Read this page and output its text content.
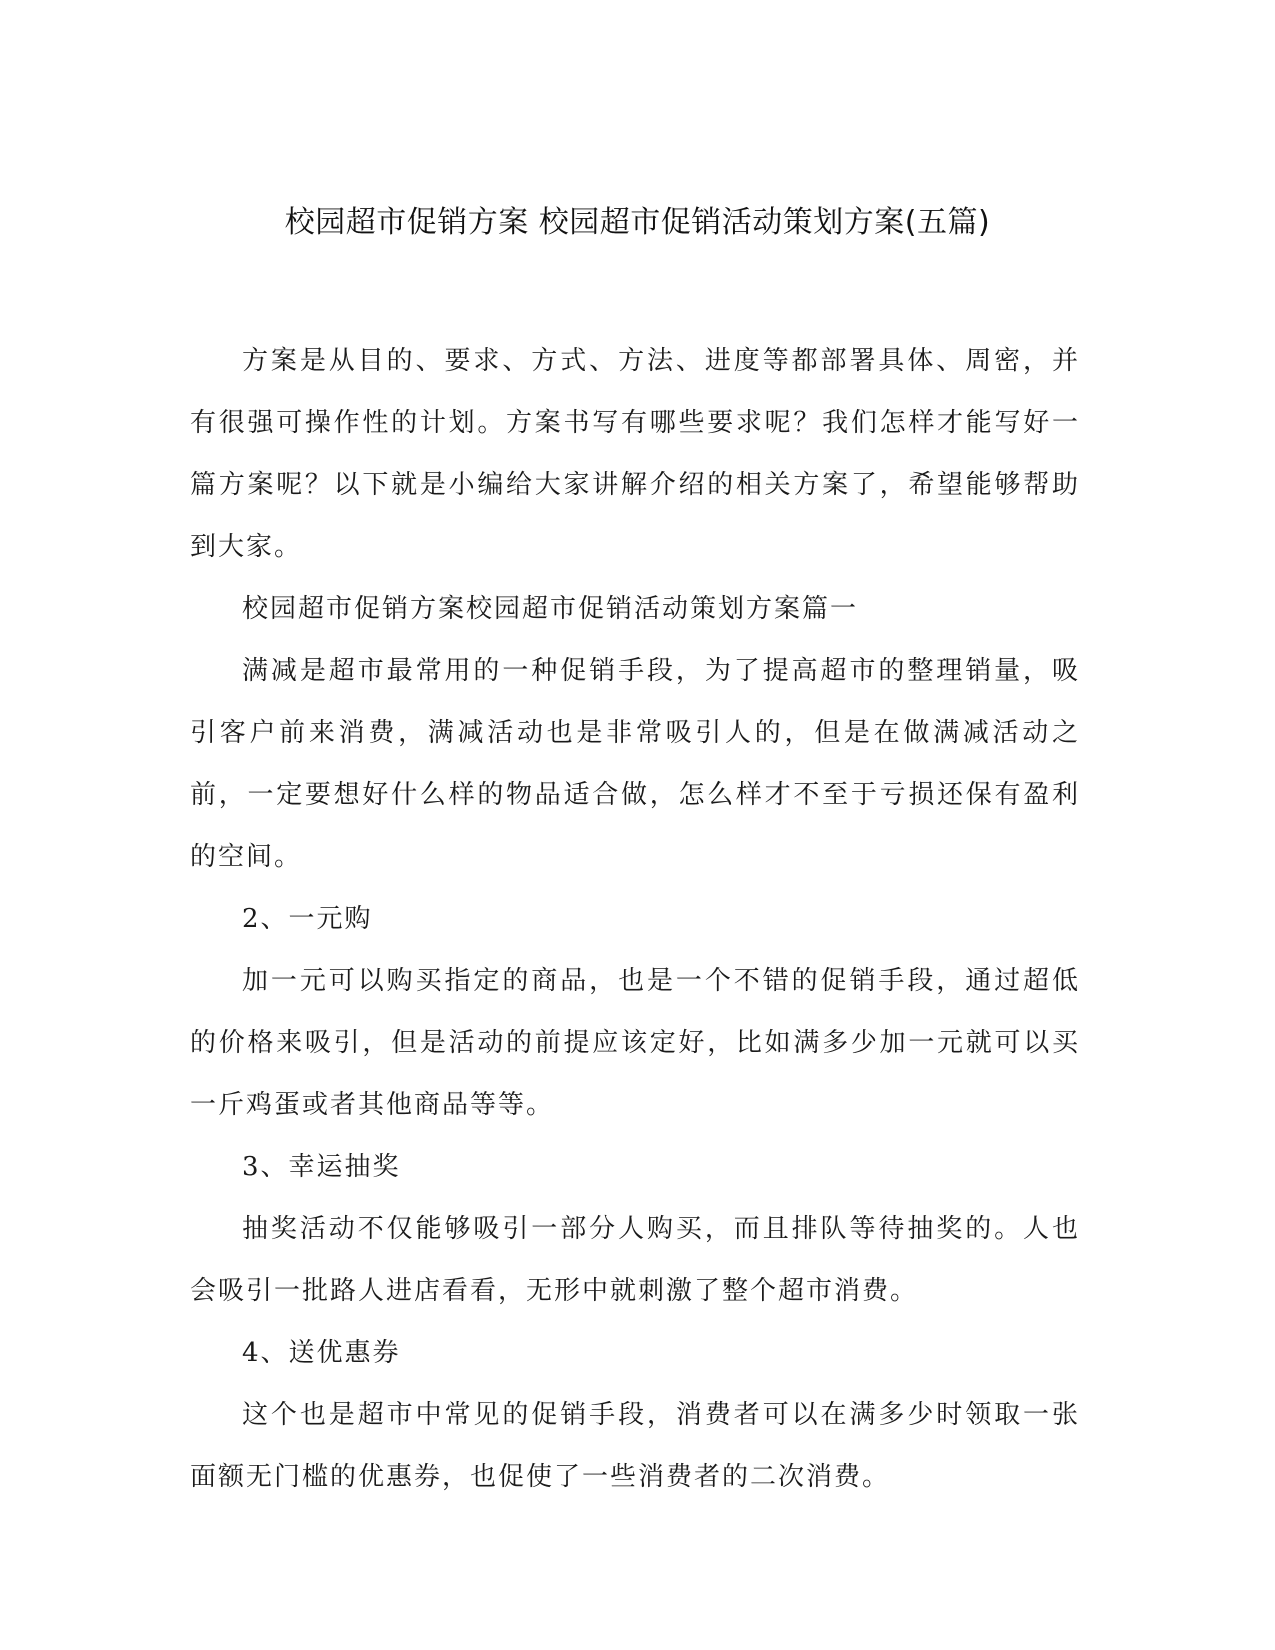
校园超市促销方案 校园超市促销活动策划方案(五篇)

方案是从目的、要求、方式、方法、进度等都部署具体、周密，并有很强可操作性的计划。方案书写有哪些要求呢？我们怎样才能写好一篇方案呢？以下就是小编给大家讲解介绍的相关方案了，希望能够帮助到大家。

校园超市促销方案校园超市促销活动策划方案篇一

满减是超市最常用的一种促销手段，为了提高超市的整理销量，吸引客户前来消费，满减活动也是非常吸引人的，但是在做满减活动之前，一定要想好什么样的物品适合做，怎么样才不至于亏损还保有盈利的空间。

2、一元购

加一元可以购买指定的商品，也是一个不错的促销手段，通过超低的价格来吸引，但是活动的前提应该定好，比如满多少加一元就可以买一斤鸡蛋或者其他商品等等。

3、幸运抽奖

抽奖活动不仅能够吸引一部分人购买，而且排队等待抽奖的。人也会吸引一批路人进店看看，无形中就刺激了整个超市消费。

4、送优惠券

这个也是超市中常见的促销手段，消费者可以在满多少时领取一张面额无门槛的优惠券，也促使了一些消费者的二次消费。
